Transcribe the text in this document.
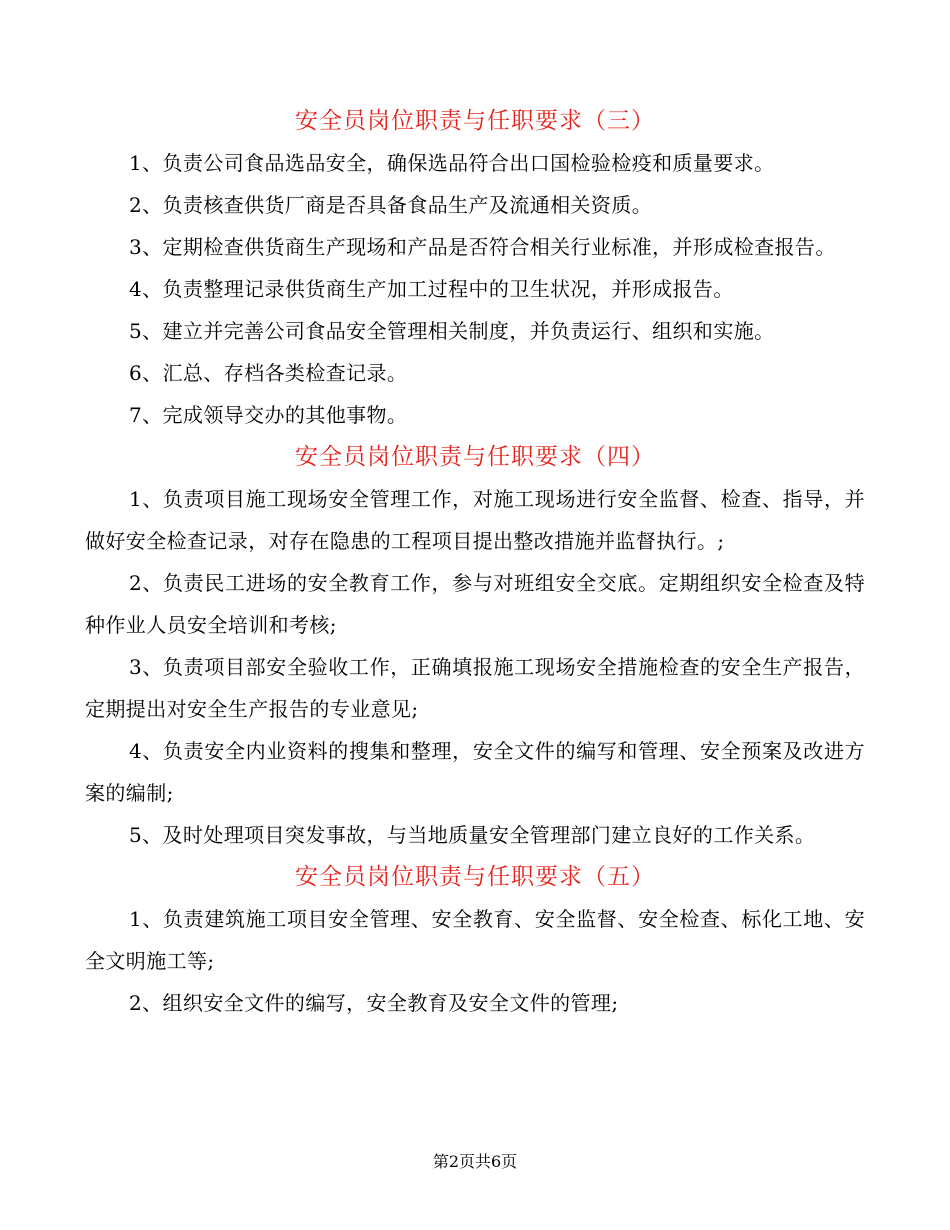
安全员岗位职责与任职要求（三）

1、负责公司食品选品安全，确保选品符合出口国检验检疫和质量要求。

2、负责核查供货厂商是否具备食品生产及流通相关资质。

3、定期检查供货商生产现场和产品是否符合相关行业标准，并形成检查报告。

4、负责整理记录供货商生产加工过程中的卫生状况，并形成报告。

5、建立并完善公司食品安全管理相关制度，并负责运行、组织和实施。

6、汇总、存档各类检查记录。

7、完成领导交办的其他事物。

安全员岗位职责与任职要求（四）

1、负责项目施工现场安全管理工作，对施工现场进行安全监督、检查、指导，并做好安全检查记录，对存在隐患的工程项目提出整改措施并监督执行。;

2、负责民工进场的安全教育工作，参与对班组安全交底。定期组织安全检查及特种作业人员安全培训和考核;

3、负责项目部安全验收工作，正确填报施工现场安全措施检查的安全生产报告，定期提出对安全生产报告的专业意见;

4、负责安全内业资料的搜集和整理，安全文件的编写和管理、安全预案及改进方案的编制;

5、及时处理项目突发事故，与当地质量安全管理部门建立良好的工作关系。

安全员岗位职责与任职要求（五）

1、负责建筑施工项目安全管理、安全教育、安全监督、安全检查、标化工地、安全文明施工等;

2、组织安全文件的编写，安全教育及安全文件的管理;

第2页共6页
